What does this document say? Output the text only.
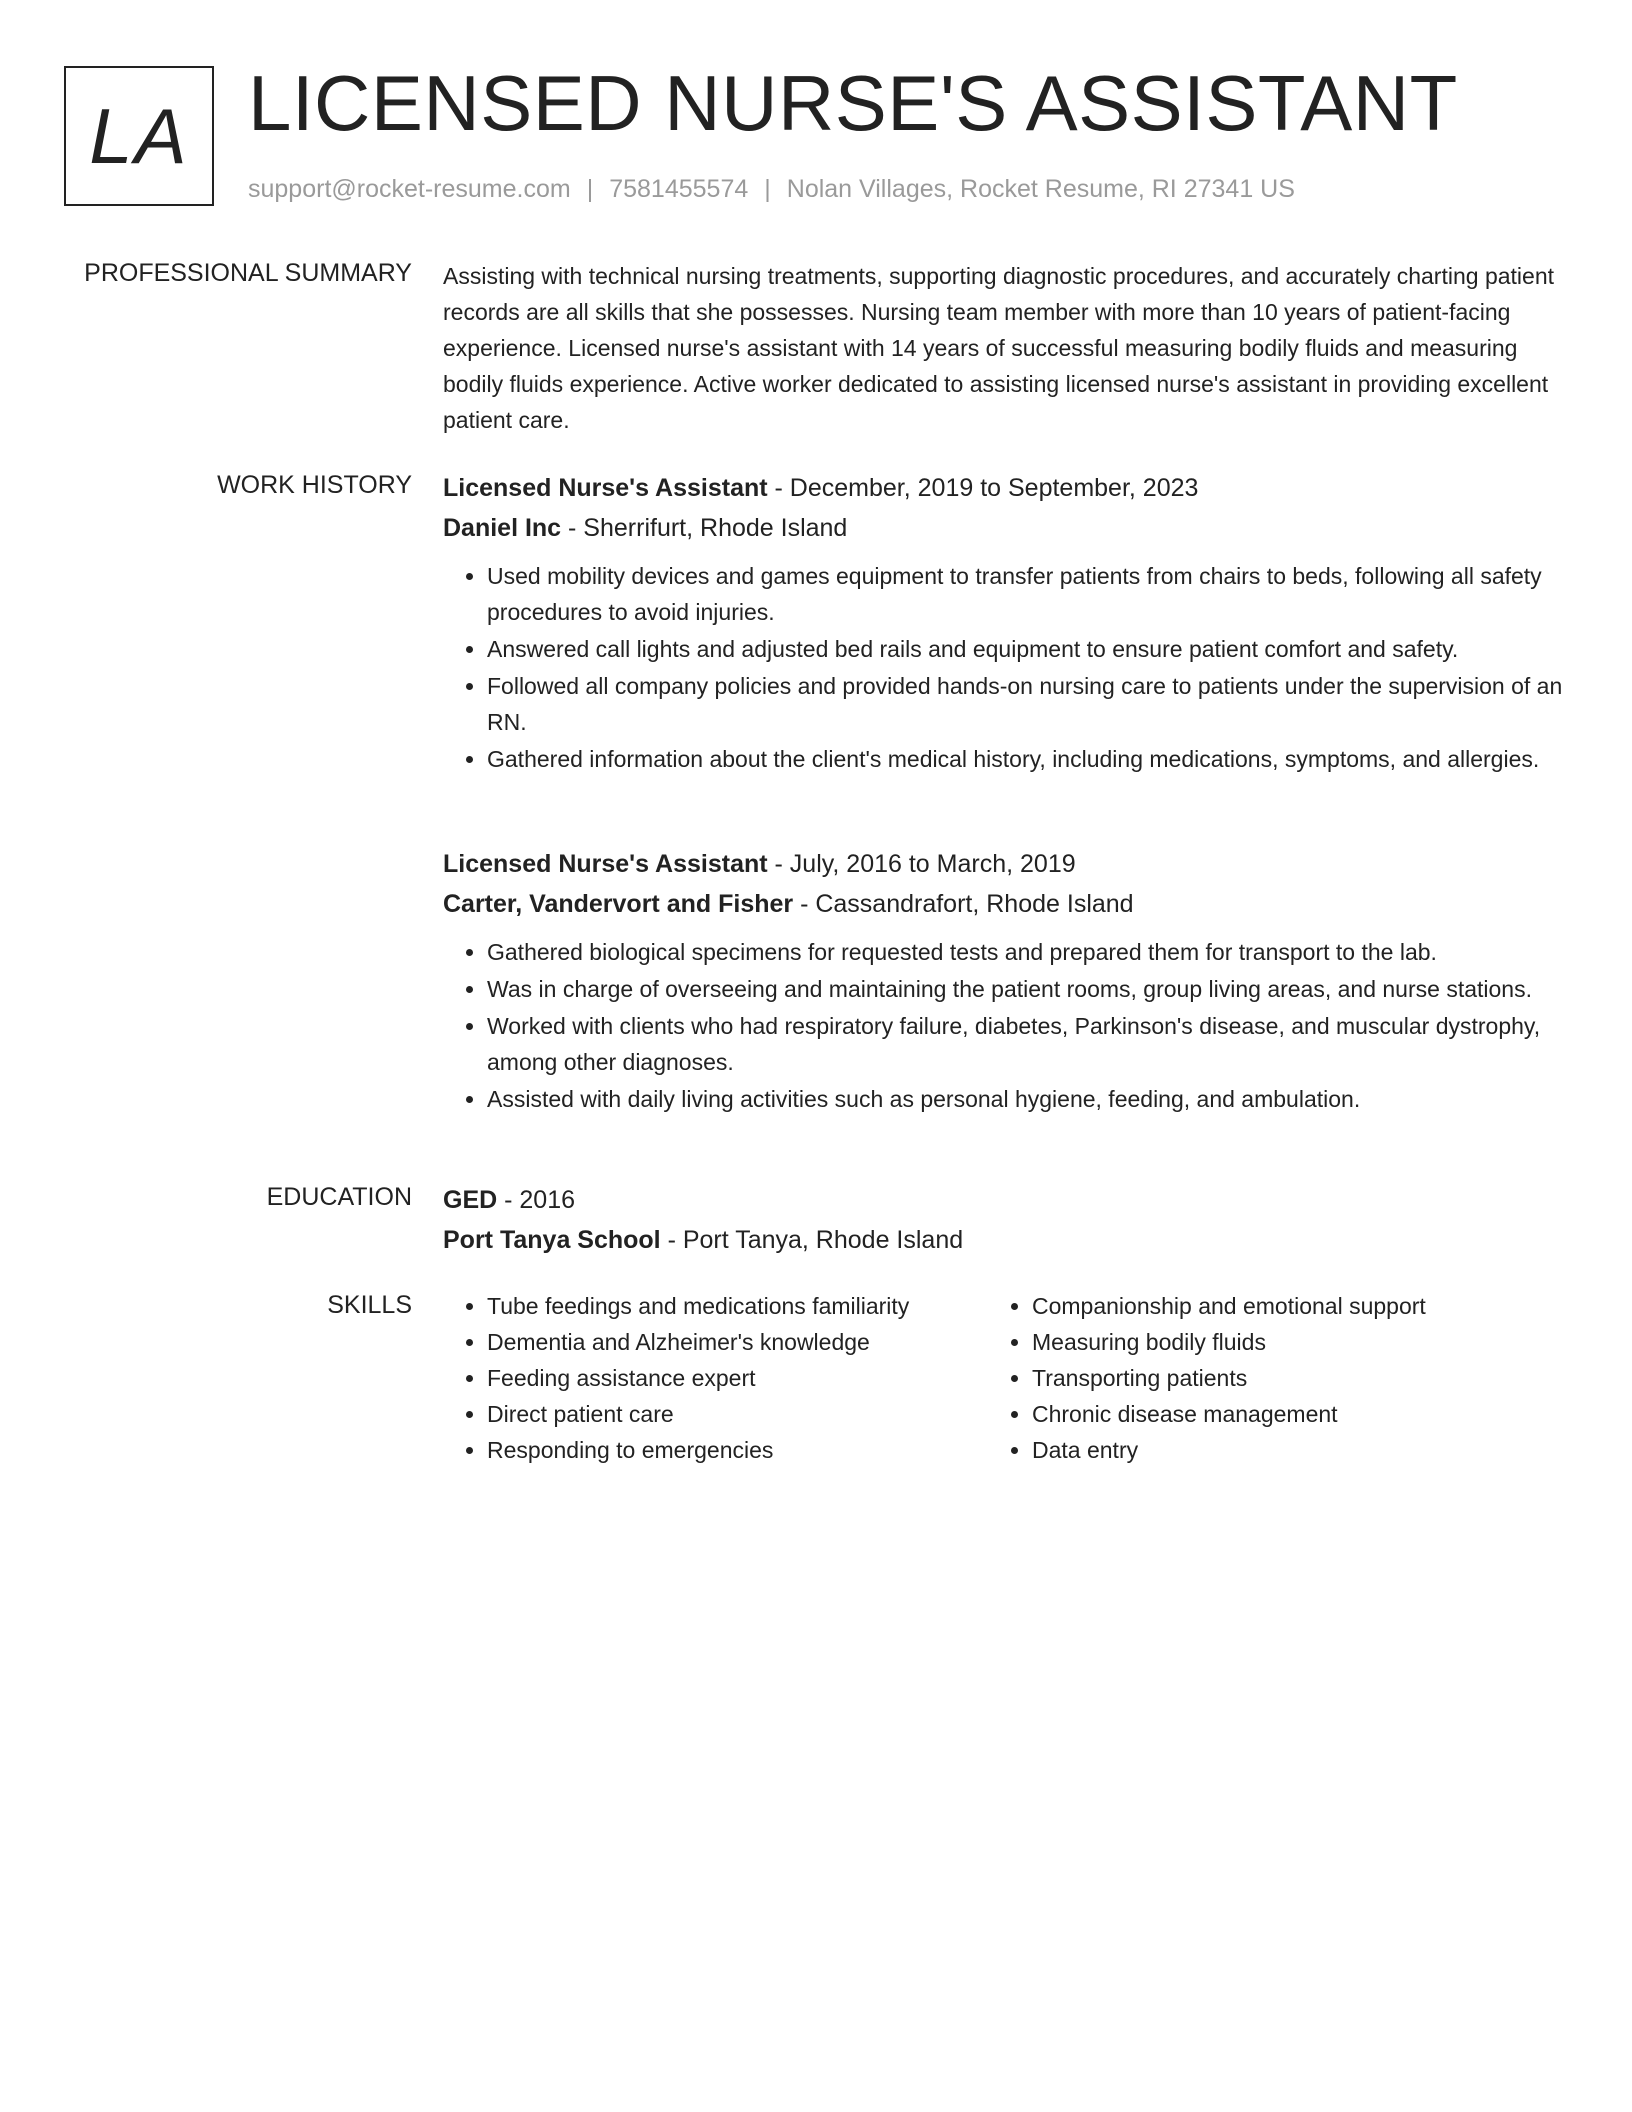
LA LICENSED NURSE'S ASSISTANT
support@rocket-resume.com | 7581455574 | Nolan Villages, Rocket Resume, RI 27341 US
PROFESSIONAL SUMMARY Assisting with technical nursing treatments, supporting diagnostic procedures, and accurately charting patient records are all skills that she possesses. Nursing team member with more than 10 years of patient-facing experience. Licensed nurse's assistant with 14 years of successful measuring bodily fluids and measuring bodily fluids experience. Active worker dedicated to assisting licensed nurse's assistant in providing excellent patient care.

WORK HISTORY Licensed Nurse's Assistant - December, 2019 to September, 2023
Daniel Inc - Sherrifurt, Rhode Island
• Used mobility devices and games equipment to transfer patients from chairs to beds, following all safety procedures to avoid injuries.
• Answered call lights and adjusted bed rails and equipment to ensure patient comfort and safety.
• Followed all company policies and provided hands-on nursing care to patients under the supervision of an RN.
• Gathered information about the client's medical history, including medications, symptoms, and allergies.
Licensed Nurse's Assistant - July, 2016 to March, 2019
Carter, Vandervort and Fisher - Cassandrafort, Rhode Island
• Gathered biological specimens for requested tests and prepared them for transport to the lab.
• Was in charge of overseeing and maintaining the patient rooms, group living areas, and nurse stations.
• Worked with clients who had respiratory failure, diabetes, Parkinson's disease, and muscular dystrophy, among other diagnoses.
• Assisted with daily living activities such as personal hygiene, feeding, and ambulation.
EDUCATION GED - 2016
Port Tanya School - Port Tanya, Rhode Island
SKILLS
•	Tube feedings and medications familiarity
• Dementia and Alzheimer's knowledge
• Feeding assistance expert
• Direct patient care
• Responding to emergencies
• Companionship and emotional support
• Measuring bodily fluids
• Transporting patients
• Chronic disease management
• Data entry
